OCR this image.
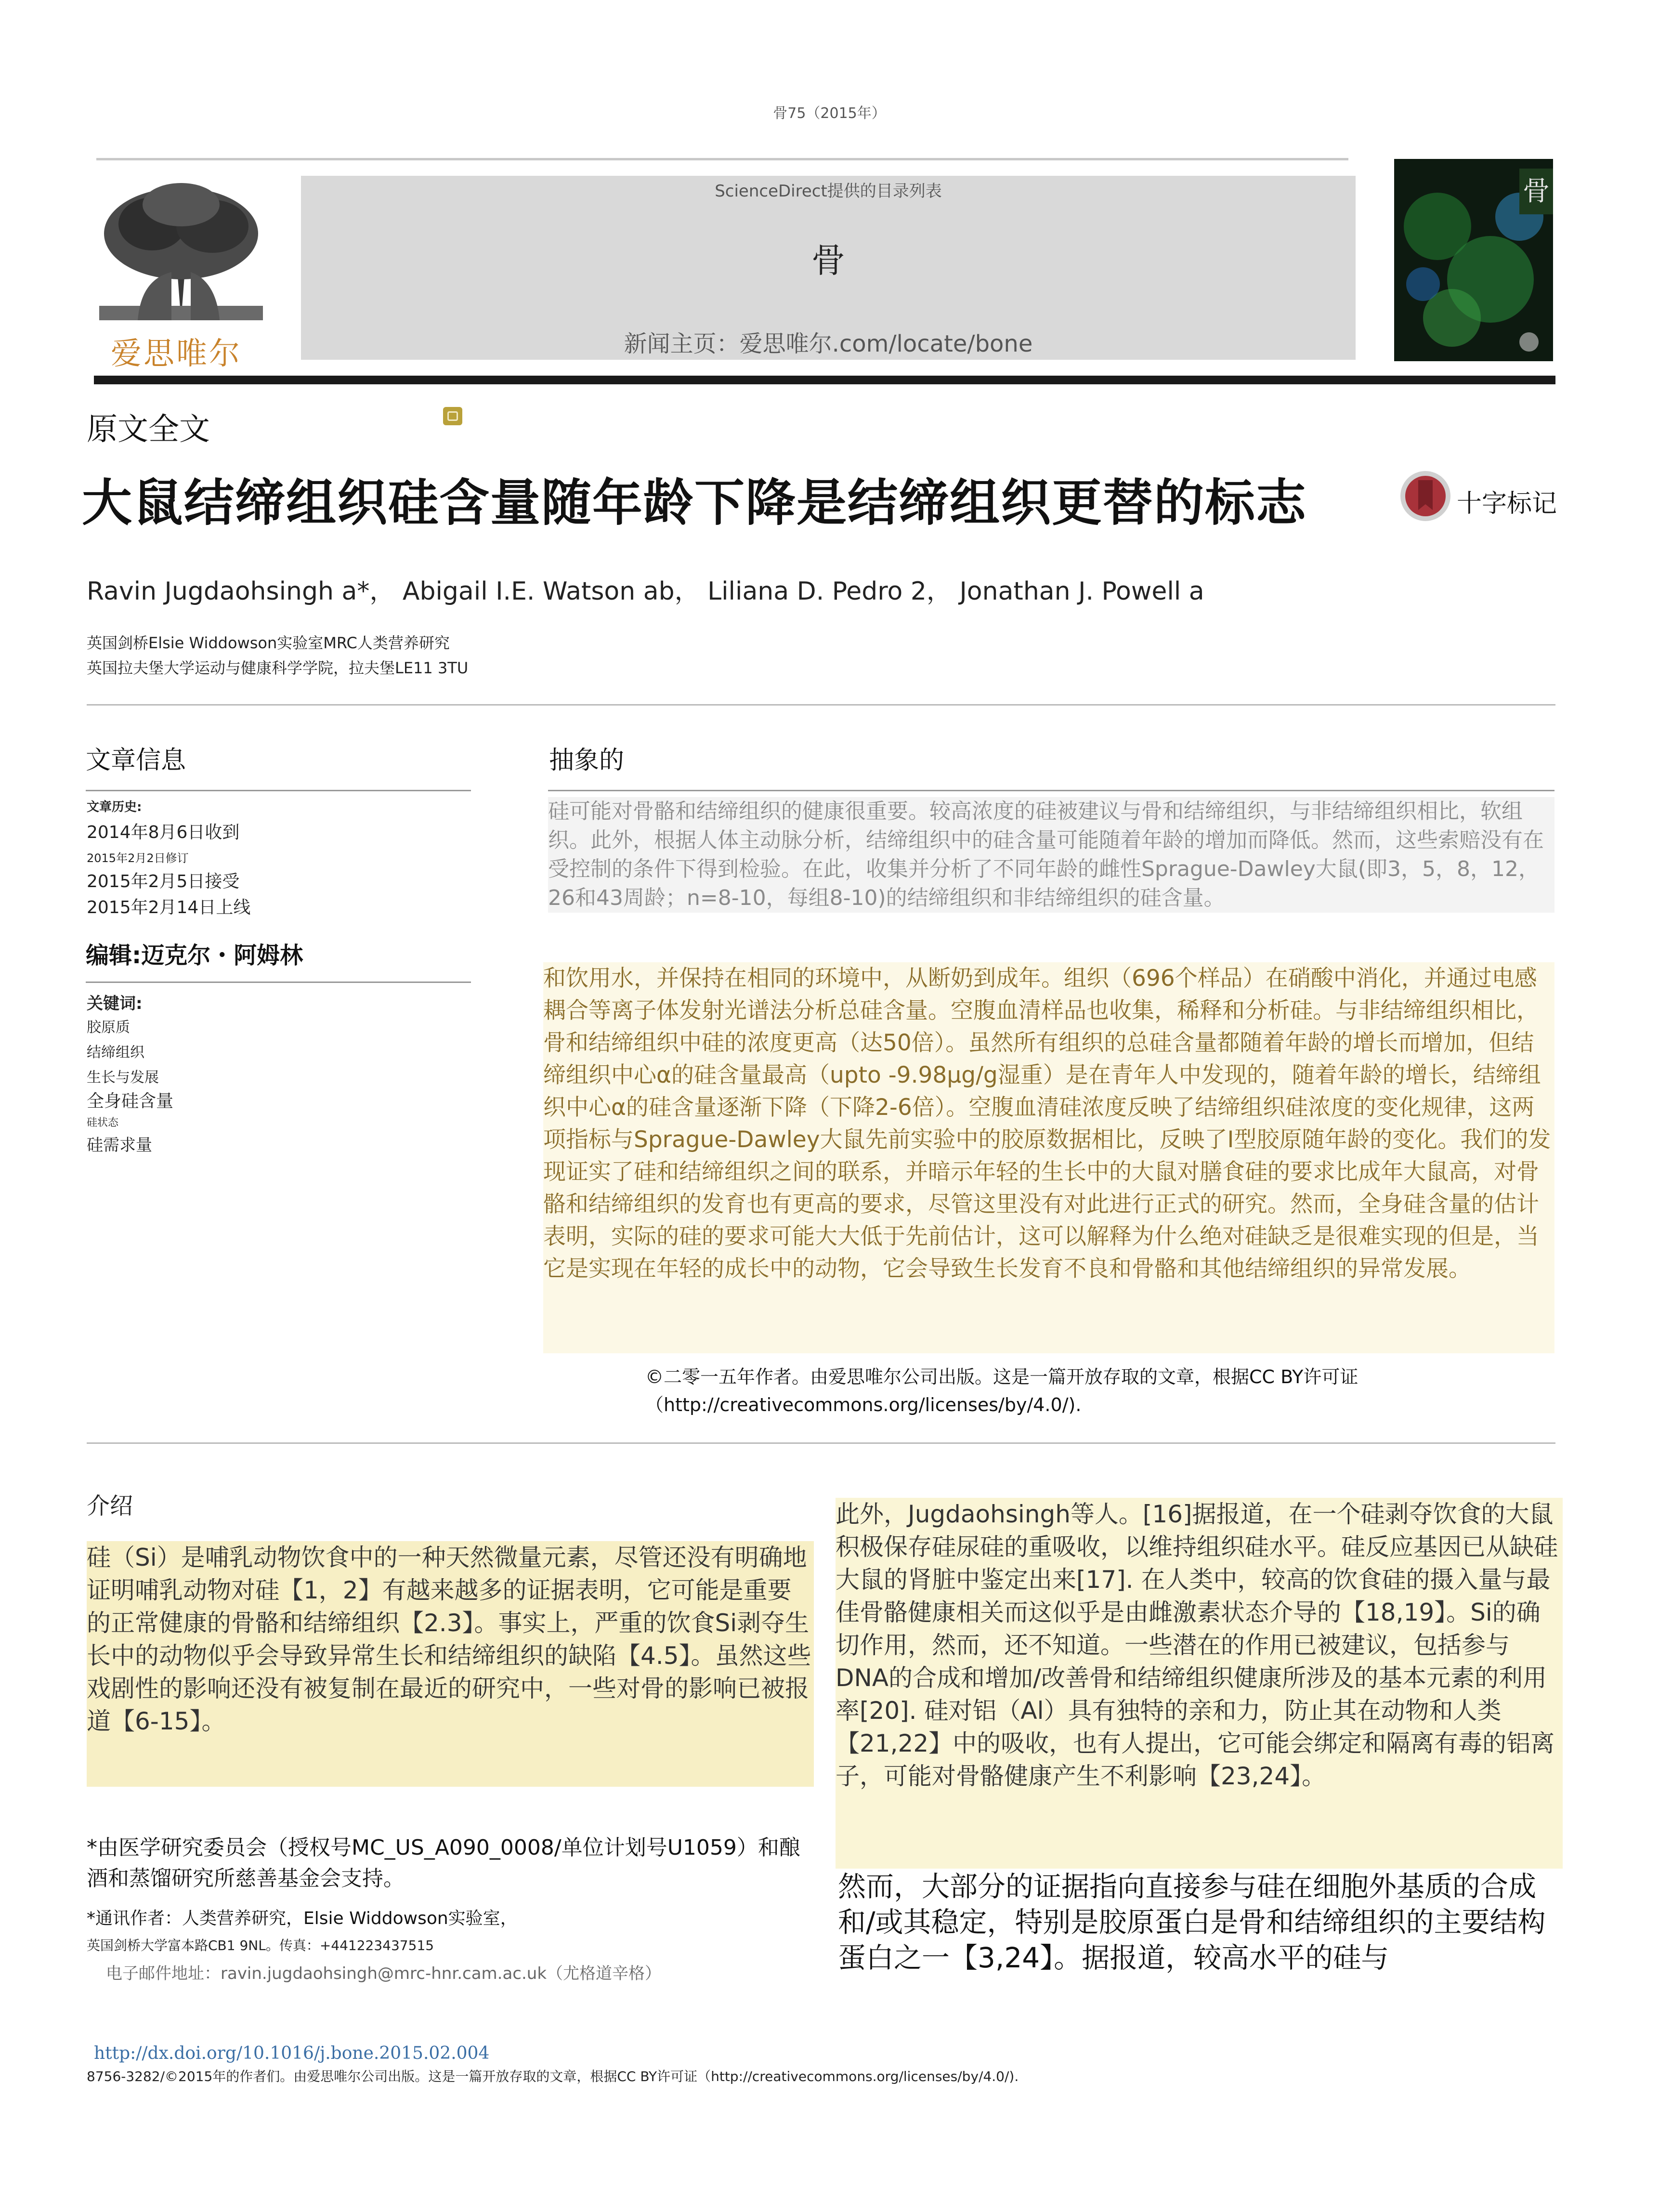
骨75（2015年）
爱思唯尔
ScienceDirect提供的目录列表
骨
新闻主页：爱思唯尔.com/locate/bone
骨
原文全文
大鼠结缔组织硅含量随年龄下降是结缔组织更替的标志	十字标记
Ravin Jugdaohsingh a*， Abigail I.E. Watson ab， Liliana D. Pedro 2， Jonathan J. Powell a
英国剑桥Elsie Widdowson实验室MRC人类营养研究
英国拉夫堡大学运动与健康科学学院，拉夫堡LE11 3TU
文章信息
文章历史:
2014年8月6日收到
2015年2月2日修订
2015年2月5日接受
2015年2月14日上线
编辑:迈克尔・阿姆林
关键词:
胶原质
结缔组织
生长与发展
全身硅含量
硅状态
硅需求量
抽象的
硅可能对骨骼和结缔组织的健康很重要。较高浓度的硅被建议与骨和结缔组织，与非结缔组织相比，软组织。此外，根据人体主动脉分析，结缔组织中的硅含量可能随着年龄的增加而降低。然而，这些索赔没有在受控制的条件下得到检验。在此，收集并分析了不同年龄的雌性Sprague-Dawley大鼠(即3，5，8，12，26和43周龄；n=8-10，每组8-10)的结缔组织和非结缔组织的硅含量。
和饮用水，并保持在相同的环境中，从断奶到成年。组织（696个样品）在硝酸中消化，并通过电感耦合等离子体发射光谱法分析总硅含量。空腹血清样品也收集，稀释和分析硅。与非结缔组织相比，骨和结缔组织中硅的浓度更高（达50倍）。虽然所有组织的总硅含量都随着年龄的增长而增加，但结缔组织中心α的硅含量最高（upto -9.98μg/g湿重）是在青年人中发现的，随着年龄的增长，结缔组织中心α的硅含量逐渐下降（下降2-6倍）。空腹血清硅浓度反映了结缔组织硅浓度的变化规律，这两项指标与Sprague-Dawley大鼠先前实验中的胶原数据相比，反映了I型胶原随年龄的变化。我们的发现证实了硅和结缔组织之间的联系，并暗示年轻的生长中的大鼠对膳食硅的要求比成年大鼠高，对骨骼和结缔组织的发育也有更高的要求，尽管这里没有对此进行正式的研究。然而，全身硅含量的估计表明，实际的硅的要求可能大大低于先前估计，这可以解释为什么绝对硅缺乏是很难实现的但是，当它是实现在年轻的成长中的动物，它会导致生长发育不良和骨骼和其他结缔组织的异常发展。
©二零一五年作者。由爱思唯尔公司出版。这是一篇开放存取的文章，根据CC BY许可证（http://creativecommons.org/licenses/by/4.0/).
介绍
硅（Si）是哺乳动物饮食中的一种天然微量元素，尽管还没有明确地证明哺乳动物对硅【1，2】有越来越多的证据表明，它可能是重要的正常健康的骨骼和结缔组织【2.3】。事实上，严重的饮食Si剥夺生长中的动物似乎会导致异常生长和结缔组织的缺陷【4.5】。虽然这些戏剧性的影响还没有被复制在最近的研究中，一些对骨的影响已被报道【6-15】。
此外，Jugdaohsingh等人。[16]据报道，在一个硅剥夺饮食的大鼠积极保存硅尿硅的重吸收，以维持组织硅水平。硅反应基因已从缺硅大鼠的肾脏中鉴定出来[17]. 在人类中，较高的饮食硅的摄入量与最佳骨骼健康相关而这似乎是由雌激素状态介导的【18,19】。Si的确切作用，然而，还不知道。一些潜在的作用已被建议，包括参与DNA的合成和增加/改善骨和结缔组织健康所涉及的基本元素的利用率[20]. 硅对铝（Al）具有独特的亲和力，防止其在动物和人类【21,22】中的吸收，也有人提出，它可能会绑定和隔离有毒的铝离子，可能对骨骼健康产生不利影响【23,24】。
然而，大部分的证据指向直接参与硅在细胞外基质的合成和/或其稳定，特别是胶原蛋白是骨和结缔组织的主要结构蛋白之一【3,24】。据报道，较高水平的硅与
*由医学研究委员会（授权号MC_US_A090_0008/单位计划号U1059）和酿酒和蒸馏研究所慈善基金会支持。
*通讯作者：人类营养研究，Elsie Widdowson实验室，
英国剑桥大学富本路CB1 9NL。传真：+441223437515
电子邮件地址：ravin.jugdaohsingh@mrc-hnr.cam.ac.uk（尤格道辛格）
http://dx.doi.org/10.1016/j.bone.2015.02.004
8756-3282/©2015年的作者们。由爱思唯尔公司出版。这是一篇开放存取的文章，根据CC BY许可证（http://creativecommons.org/licenses/by/4.0/).
